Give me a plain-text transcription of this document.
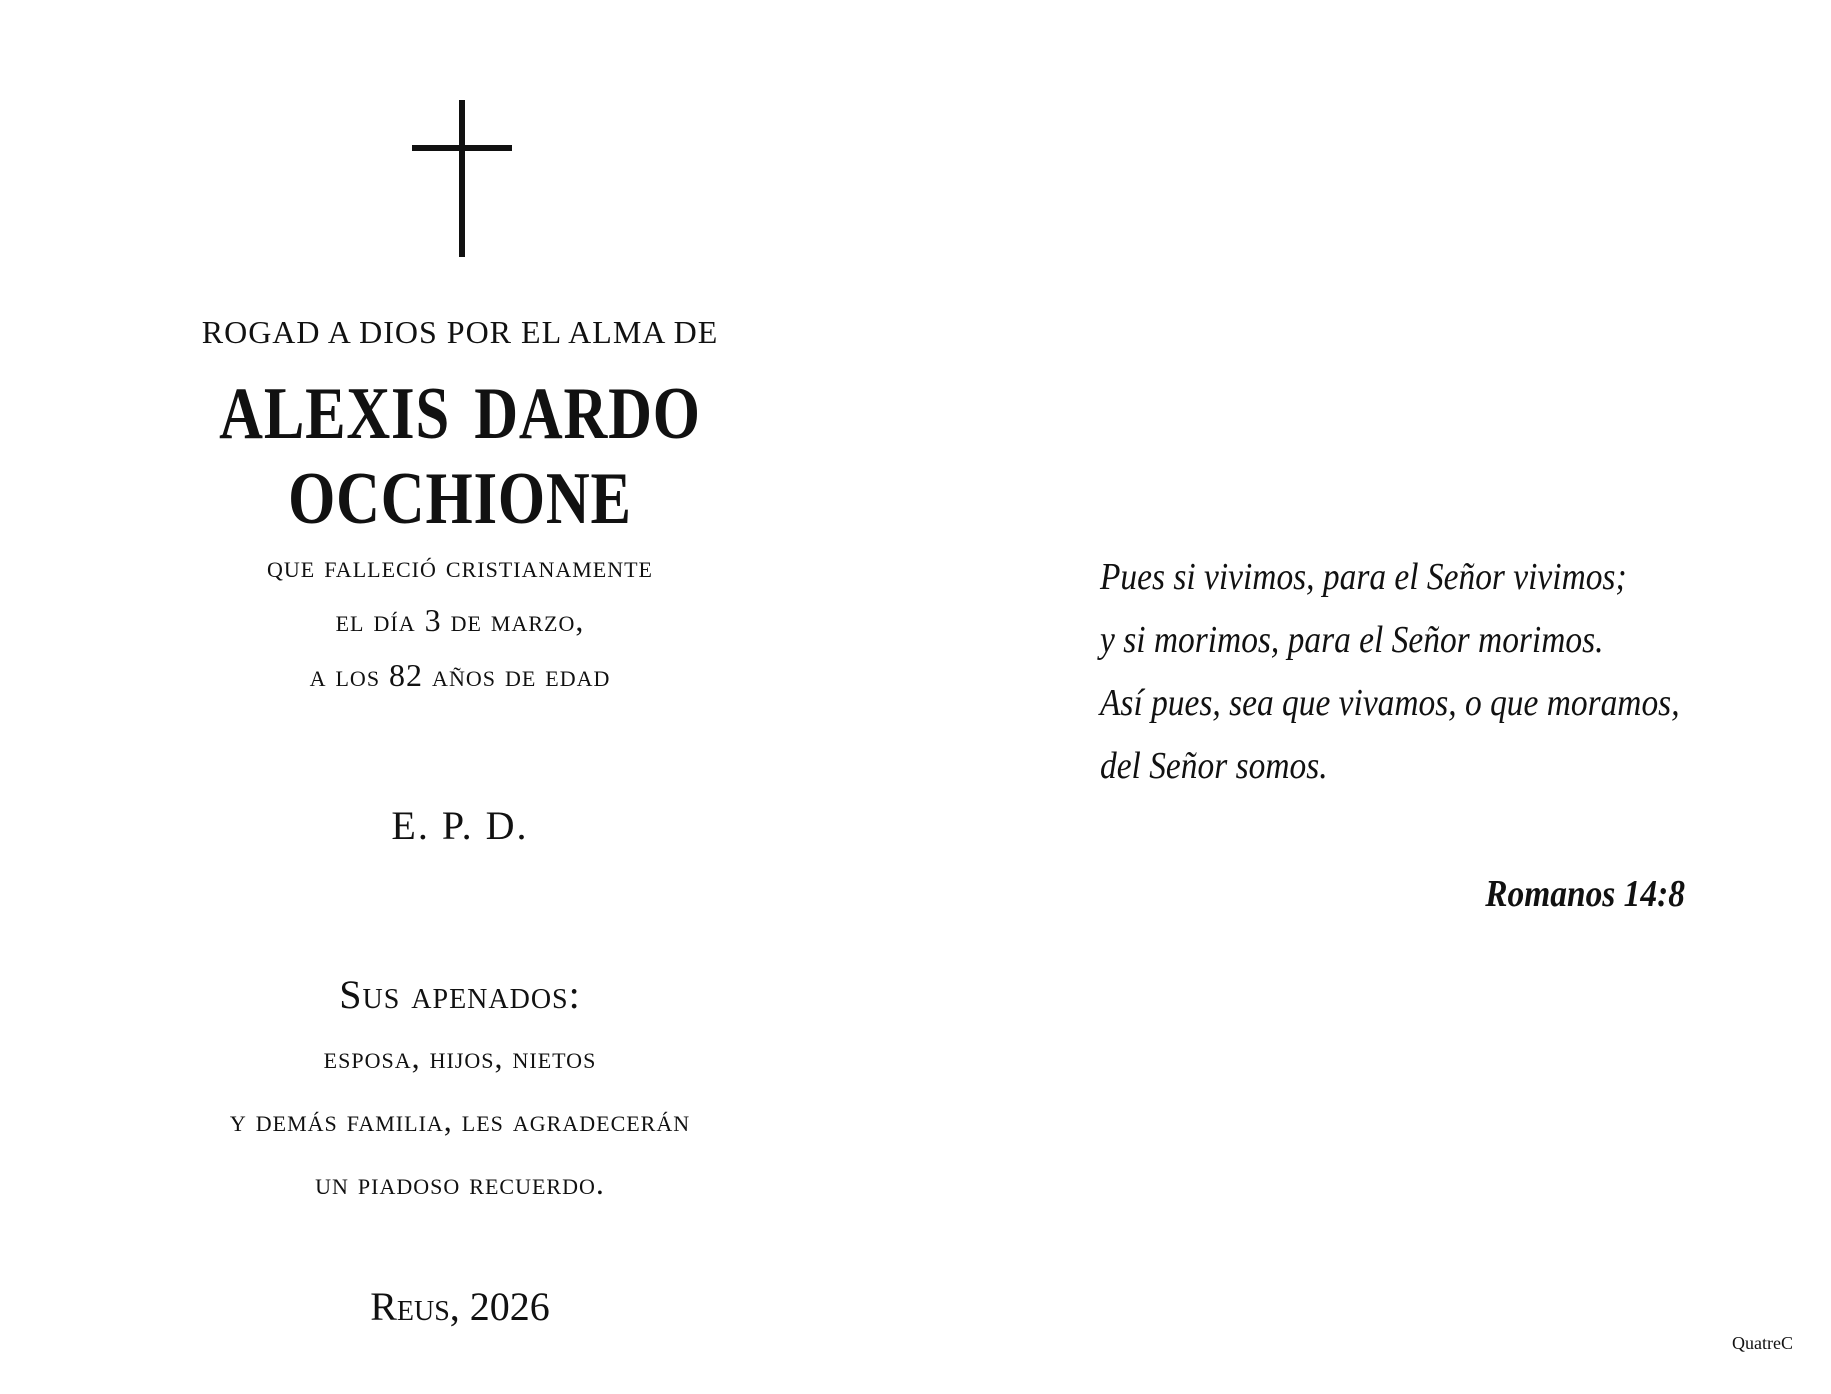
ROGAD A DIOS POR EL ALMA DE
ALEXIS DARDO OCCHIONE
que falleció cristianamente
el día 3 de marzo,
a los 82 años de edad
E. P. D.
Sus apenados:
esposa, hijos, nietos
y demás familia, les agradecerán
un piadoso recuerdo.
Reus, 2026
Pues si vivimos, para el Señor vivimos;
y si morimos, para el Señor morimos.
Así pues, sea que vivamos, o que moramos,
del Señor somos.
Romanos 14:8
QuatreC
